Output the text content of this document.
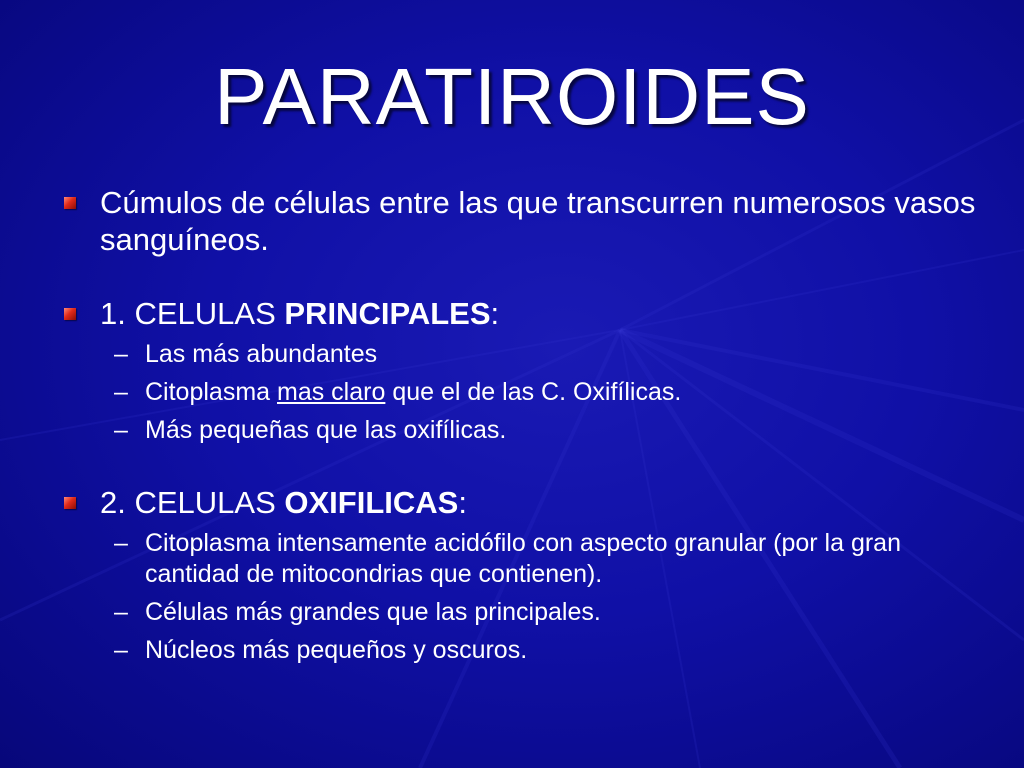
PARATIROIDES
Cúmulos de células entre las que transcurren numerosos vasos sanguíneos.
1. CELULAS PRINCIPALES:
– Las más abundantes
– Citoplasma mas claro que el de las C. Oxifílicas.
– Más pequeñas que las oxifílicas.
2. CELULAS OXIFILICAS:
– Citoplasma intensamente acidófilo con aspecto granular (por la gran cantidad de mitocondrias que contienen).
– Células más grandes que las principales.
– Núcleos más pequeños y oscuros.
